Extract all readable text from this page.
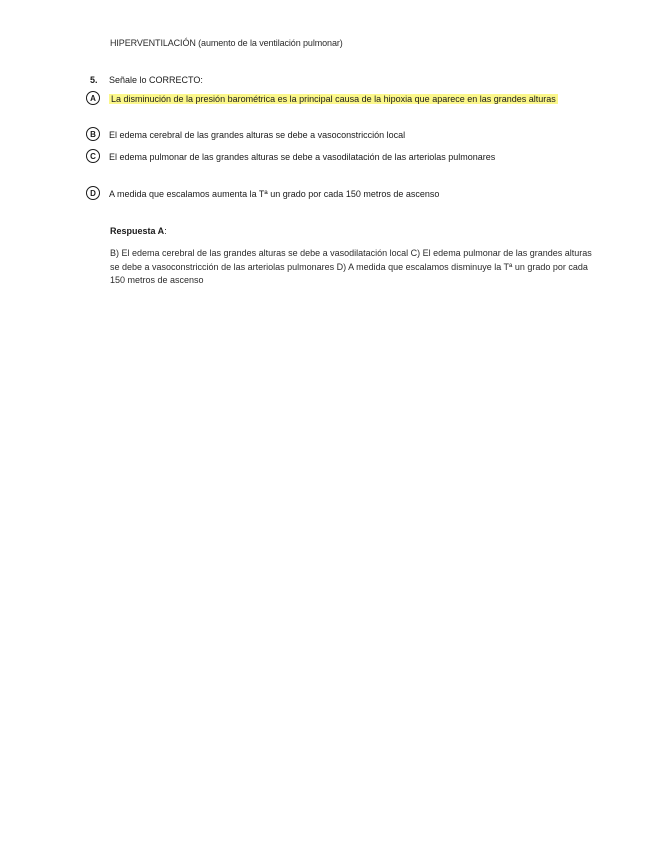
HIPERVENTILACIÓN (aumento de la ventilación pulmonar)
5. Señale lo CORRECTO:
A	La disminución de la presión barométrica es la principal causa de la hipoxia que aparece en las grandes alturas
B	El edema cerebral de las grandes alturas se debe a vasoconstricción local
C	El edema pulmonar de las grandes alturas se debe a vasodilatación de las arteriolas pulmonares
D	A medida que escalamos aumenta la Tª un grado por cada 150 metros de ascenso
Respuesta A:
B) El edema cerebral de las grandes alturas se debe a vasodilatación local C) El edema pulmonar de las grandes alturas se debe a vasoconstricción de las arteriolas pulmonares D) A medida que escalamos disminuye la Tª un grado por cada 150 metros de ascenso
